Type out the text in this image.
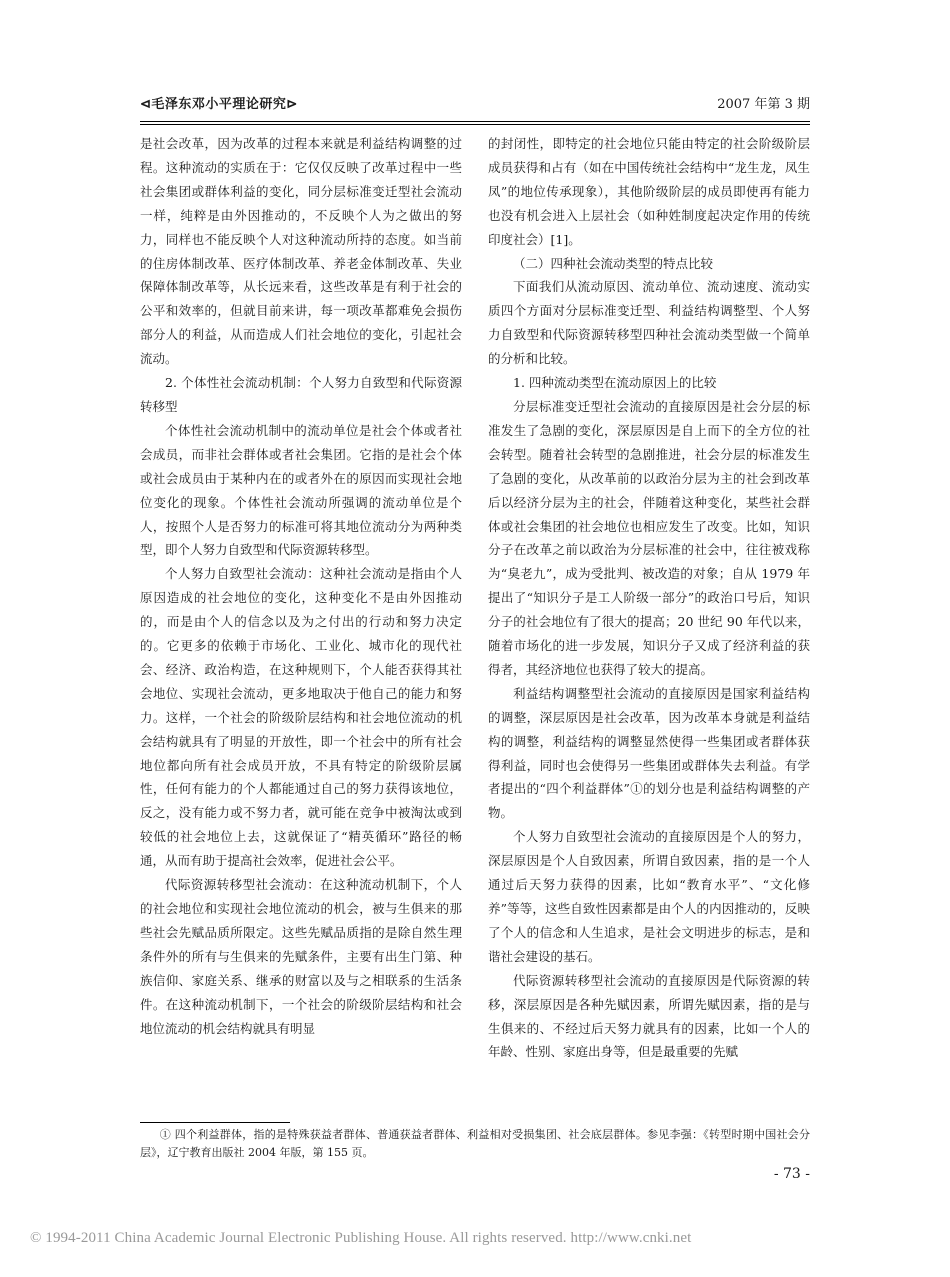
⊲毛泽东邓小平理论研究⊳	2007 年第 3 期

是社会改革，因为改革的过程本来就是利益结构调整的过程。这种流动的实质在于：它仅仅反映了改革过程中一些社会集团或群体利益的变化，同分层标准变迁型社会流动一样，纯粹是由外因推动的，不反映个人为之做出的努力，同样也不能反映个人对这种流动所持的态度。如当前的住房体制改革、医疗体制改革、养老金体制改革、失业保障体制改革等，从长远来看，这些改革是有利于社会的公平和效率的，但就目前来讲，每一项改革都难免会损伤部分人的利益，从而造成人们社会地位的变化，引起社会流动。

2. 个体性社会流动机制：个人努力自致型和代际资源转移型

个体性社会流动机制中的流动单位是社会个体或者社会成员，而非社会群体或者社会集团。它指的是社会个体或社会成员由于某种内在的或者外在的原因而实现社会地位变化的现象。个体性社会流动所强调的流动单位是个人，按照个人是否努力的标准可将其地位流动分为两种类型，即个人努力自致型和代际资源转移型。

个人努力自致型社会流动：这种社会流动是指由个人原因造成的社会地位的变化，这种变化不是由外因推动的，而是由个人的信念以及为之付出的行动和努力决定的。它更多的依赖于市场化、工业化、城市化的现代社会、经济、政治构造，在这种规则下，个人能否获得其社会地位、实现社会流动，更多地取决于他自己的能力和努力。这样，一个社会的阶级阶层结构和社会地位流动的机会结构就具有了明显的开放性，即一个社会中的所有社会地位都向所有社会成员开放，不具有特定的阶级阶层属性，任何有能力的个人都能通过自己的努力获得该地位，反之，没有能力或不努力者，就可能在竞争中被淘汰或到较低的社会地位上去，这就保证了“精英循环”路径的畅通，从而有助于提高社会效率，促进社会公平。

代际资源转移型社会流动：在这种流动机制下，个人的社会地位和实现社会地位流动的机会，被与生俱来的那些社会先赋品质所限定。这些先赋品质指的是除自然生理条件外的所有与生俱来的先赋条件，主要有出生门第、种族信仰、家庭关系、继承的财富以及与之相联系的生活条件。在这种流动机制下，一个社会的阶级阶层结构和社会地位流动的机会结构就具有明显

的封闭性，即特定的社会地位只能由特定的社会阶级阶层成员获得和占有（如在中国传统社会结构中“龙生龙，凤生凤”的地位传承现象），其他阶级阶层的成员即使再有能力也没有机会进入上层社会（如种姓制度起决定作用的传统印度社会）[1]。

（二）四种社会流动类型的特点比较

下面我们从流动原因、流动单位、流动速度、流动实质四个方面对分层标准变迁型、利益结构调整型、个人努力自致型和代际资源转移型四种社会流动类型做一个简单的分析和比较。

1. 四种流动类型在流动原因上的比较

分层标准变迁型社会流动的直接原因是社会分层的标准发生了急剧的变化，深层原因是自上而下的全方位的社会转型。随着社会转型的急剧推进，社会分层的标准发生了急剧的变化，从改革前的以政治分层为主的社会到改革后以经济分层为主的社会，伴随着这种变化，某些社会群体或社会集团的社会地位也相应发生了改变。比如，知识分子在改革之前以政治为分层标准的社会中，往往被戏称为“臭老九”，成为受批判、被改造的对象；自从 1979 年提出了“知识分子是工人阶级一部分”的政治口号后，知识分子的社会地位有了很大的提高；20 世纪 90 年代以来，随着市场化的进一步发展，知识分子又成了经济利益的获得者，其经济地位也获得了较大的提高。

利益结构调整型社会流动的直接原因是国家利益结构的调整，深层原因是社会改革，因为改革本身就是利益结构的调整，利益结构的调整显然使得一些集团或者群体获得利益，同时也会使得另一些集团或群体失去利益。有学者提出的“四个利益群体”①的划分也是利益结构调整的产物。

个人努力自致型社会流动的直接原因是个人的努力，深层原因是个人自致因素，所谓自致因素，指的是一个人通过后天努力获得的因素，比如“教育水平”、“文化修养”等等，这些自致性因素都是由个人的内因推动的，反映了个人的信念和人生追求，是社会文明进步的标志，是和谐社会建设的基石。

代际资源转移型社会流动的直接原因是代际资源的转移，深层原因是各种先赋因素，所谓先赋因素，指的是与生俱来的、不经过后天努力就具有的因素，比如一个人的年龄、性别、家庭出身等，但是最重要的先赋

① 四个利益群体，指的是特殊获益者群体、普通获益者群体、利益相对受损集团、社会底层群体。参见李强：《转型时期中国社会分层》，辽宁教育出版社 2004 年版，第 155 页。

- 73 -
© 1994-2011 China Academic Journal Electronic Publishing House. All rights reserved. http://www.cnki.net
